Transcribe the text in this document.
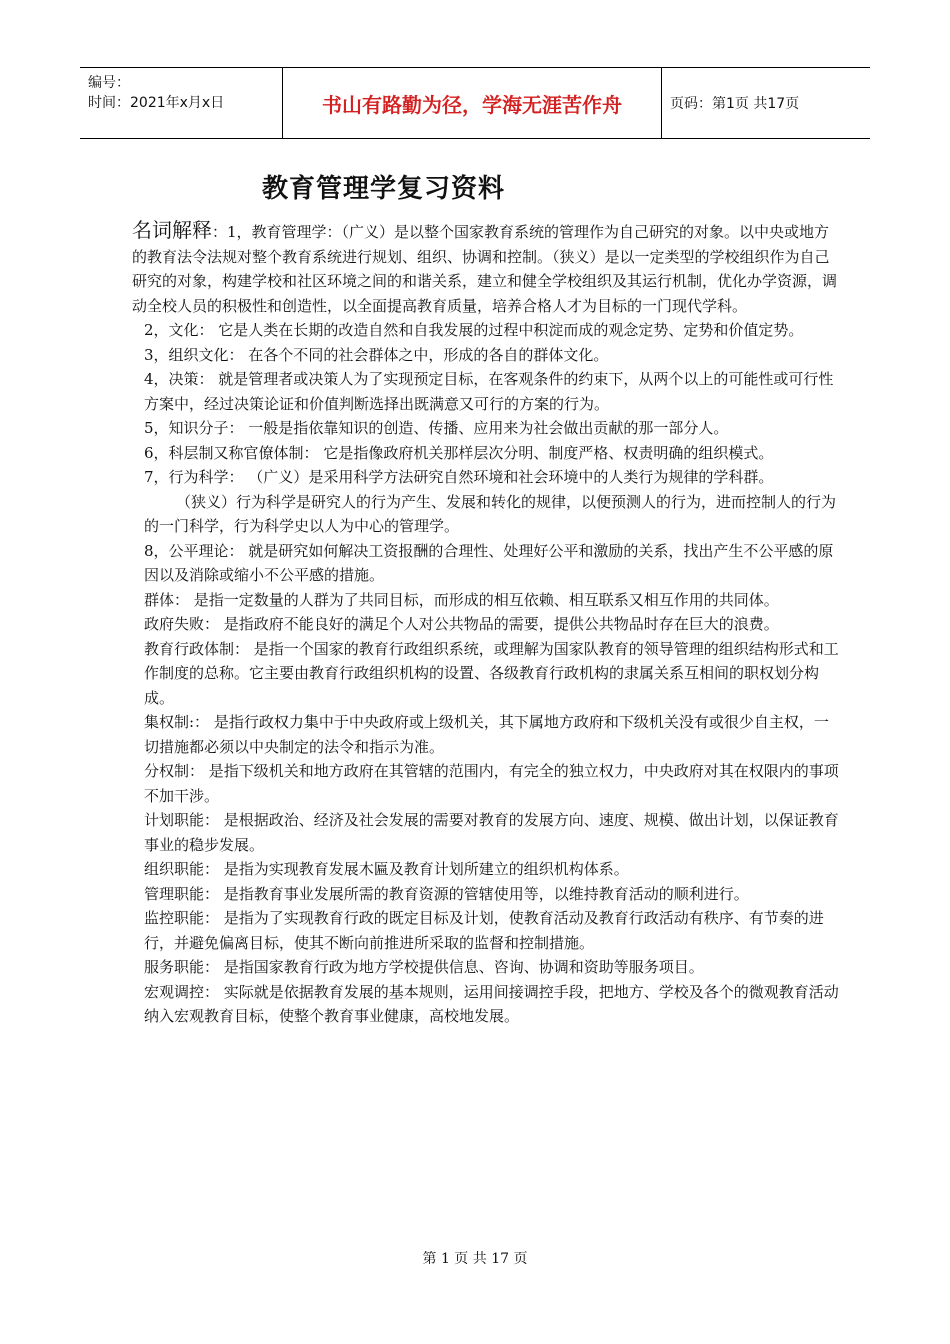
编号：
时间：2021年x月x日	书山有路勤为径，学海无涯苦作舟	页码：第1页 共17页
教育管理学复习资料

名词解释：1，教育管理学：（广义）是以整个国家教育系统的管理作为自己研究的对象。以中央或地方的教育法令法规对整个教育系统进行规划、组织、协调和控制。（狭义）是以一定类型的学校组织作为自己研究的对象，构建学校和社区环境之间的和谐关系，建立和健全学校组织及其运行机制，优化办学资源，调动全校人员的积极性和创造性，以全面提高教育质量，培养合格人才为目标的一门现代学科。

2，文化： 它是人类在长期的改造自然和自我发展的过程中积淀而成的观念定势、定势和价值定势。

3，组织文化： 在各个不同的社会群体之中，形成的各自的群体文化。

4，决策： 就是管理者或决策人为了实现预定目标，在客观条件的约束下，从两个以上的可能性或可行性方案中，经过决策论证和价值判断选择出既满意又可行的方案的行为。

5，知识分子： 一般是指依靠知识的创造、传播、应用来为社会做出贡献的那一部分人。

6，科层制又称官僚体制： 它是指像政府机关那样层次分明、制度严格、权责明确的组织模式。

7，行为科学： （广义）是采用科学方法研究自然环境和社会环境中的人类行为规律的学科群。

（狭义）行为科学是研究人的行为产生、发展和转化的规律，以便预测人的行为，进而控制人的行为的一门科学，行为科学史以人为中心的管理学。

8，公平理论： 就是研究如何解决工资报酬的合理性、处理好公平和激励的关系，找出产生不公平感的原因以及消除或缩小不公平感的措施。

群体： 是指一定数量的人群为了共同目标，而形成的相互依赖、相互联系又相互作用的共同体。

政府失败： 是指政府不能良好的满足个人对公共物品的需要，提供公共物品时存在巨大的浪费。

教育行政体制： 是指一个国家的教育行政组织系统，或理解为国家队教育的领导管理的组织结构形式和工作制度的总称。它主要由教育行政组织机构的设置、各级教育行政机构的隶属关系互相间的职权划分构成。

集权制:： 是指行政权力集中于中央政府或上级机关，其下属地方政府和下级机关没有或很少自主权，一切措施都必须以中央制定的法令和指示为准。

分权制： 是指下级机关和地方政府在其管辖的范围内，有完全的独立权力，中央政府对其在权限内的事项不加干涉。

计划职能： 是根据政治、经济及社会发展的需要对教育的发展方向、速度、规模、做出计划，以保证教育事业的稳步发展。

组织职能： 是指为实现教育发展木匾及教育计划所建立的组织机构体系。

管理职能： 是指教育事业发展所需的教育资源的管辖使用等，以维持教育活动的顺利进行。

监控职能： 是指为了实现教育行政的既定目标及计划，使教育活动及教育行政活动有秩序、有节奏的进行，并避免偏离目标，使其不断向前推进所采取的监督和控制措施。

服务职能： 是指国家教育行政为地方学校提供信息、咨询、协调和资助等服务项目。

宏观调控： 实际就是依据教育发展的基本规则，运用间接调控手段，把地方、学校及各个的微观教育活动纳入宏观教育目标，使整个教育事业健康，高校地发展。

第 1 页 共 17 页
